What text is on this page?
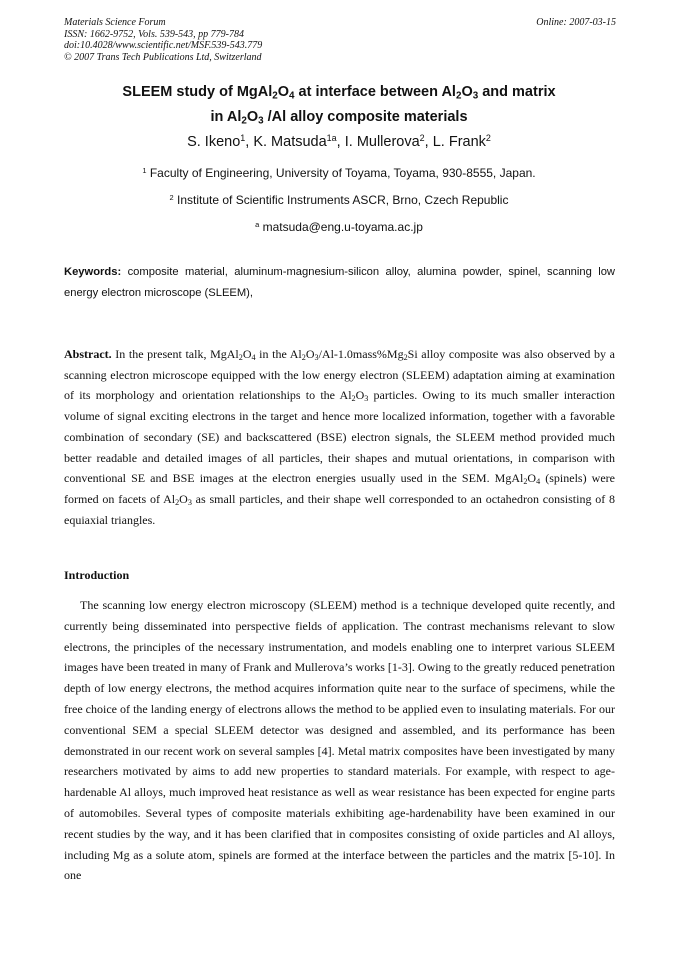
Materials Science Forum
ISSN: 1662-9752, Vols. 539-543, pp 779-784
doi:10.4028/www.scientific.net/MSF.539-543.779
© 2007 Trans Tech Publications Ltd, Switzerland
Online: 2007-03-15
SLEEM study of $MgAl_2O_4$ at interface between $Al_2O_3$ and matrix
in $Al_2O_3$ /Al alloy composite materials
S. Ikeno$^1$, K. Matsuda$^{1a}$, I. Mullerova$^2$, L. Frank$^2$
$^1$ Faculty of Engineering, University of Toyama, Toyama, 930-8555, Japan.
$^2$ Institute of Scientific Instruments ASCR, Brno, Czech Republic
$^a$ matsuda@eng.u-toyama.ac.jp
Keywords: composite material, aluminum-magnesium-silicon alloy, alumina powder, spinel, scanning low energy electron microscope (SLEEM),
Abstract. In the present talk, $MgAl_2O_4$ in the $Al_2O_3/Al-1.0mass\%Mg_2Si$ alloy composite was also observed by a scanning electron microscope equipped with the low energy electron (SLEEM) adaptation aiming at examination of its morphology and orientation relationships to the $Al_2O_3$ particles. Owing to its much smaller interaction volume of signal exciting electrons in the target and hence more localized information, together with a favorable combination of secondary (SE) and backscattered (BSE) electron signals, the SLEEM method provided much better readable and detailed images of all particles, their shapes and mutual orientations, in comparison with conventional SE and BSE images at the electron energies usually used in the SEM. $MgAl_2O_4$ (spinels) were formed on facets of $Al_2O_3$ as small particles, and their shape well corresponded to an octahedron consisting of 8 equiaxial triangles.
Introduction
The scanning low energy electron microscopy (SLEEM) method is a technique developed quite recently, and currently being disseminated into perspective fields of application. The contrast mechanisms relevant to slow electrons, the principles of the necessary instrumentation, and models enabling one to interpret various SLEEM images have been treated in many of Frank and Mullerova’s works [1-3]. Owing to the greatly reduced penetration depth of low energy electrons, the method acquires information quite near to the surface of specimens, while the free choice of the landing energy of electrons allows the method to be applied even to insulating materials. For our conventional SEM a special SLEEM detector was designed and assembled, and its performance has been demonstrated in our recent work on several samples [4]. Metal matrix composites have been investigated by many researchers motivated by aims to add new properties to standard materials. For example, with respect to age-hardenable Al alloys, much improved heat resistance as well as wear resistance has been expected for engine parts of automobiles. Several types of composite materials exhibiting age-hardenability have been examined in our recent studies by the way, and it has been clarified that in composites consisting of oxide particles and Al alloys, including Mg as a solute atom, spinels are formed at the interface between the particles and the matrix [5-10]. In one
